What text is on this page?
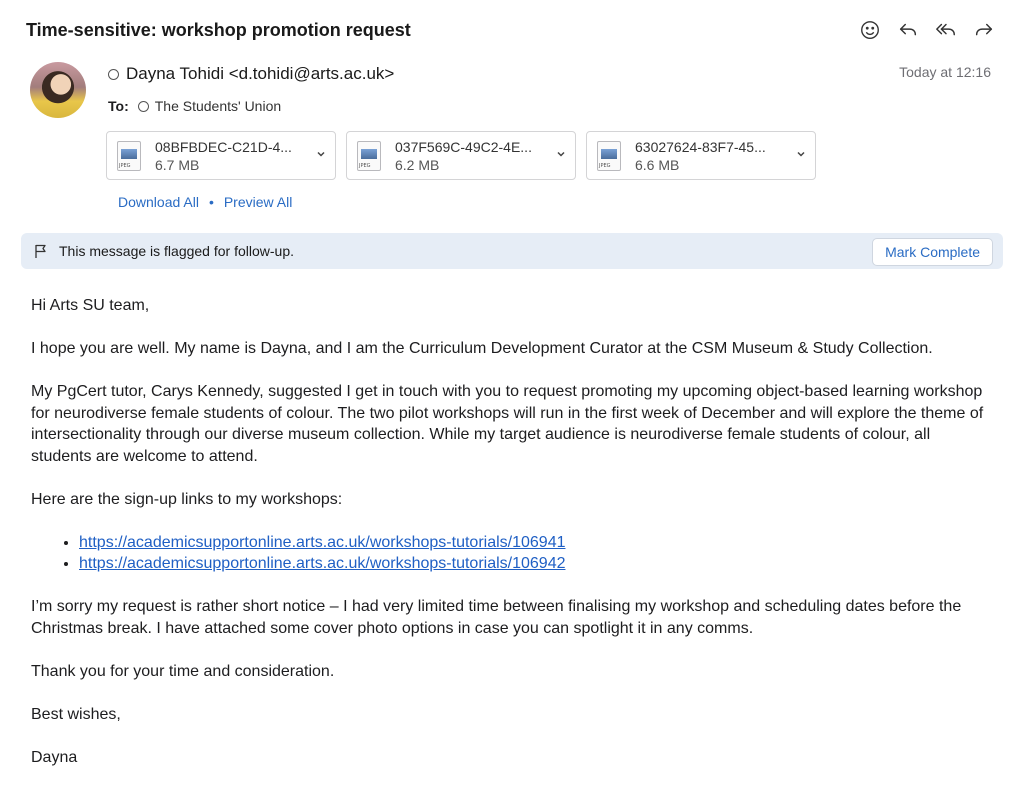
Time-sensitive: workshop promotion request
Dayna Tohidi <d.tohidi@arts.ac.uk>	Today at 12:16
To: The Students' Union
JPEG
08BFBDEC-C21D-4...
6.7 MB	JPEG
037F569C-49C2-4E...
6.2 MB	JPEG
63027624-83F7-45...
6.6 MB
Download All • Preview All
This message is flagged for follow-up.	Mark Complete

Hi Arts SU team,

I hope you are well. My name is Dayna, and I am the Curriculum Development Curator at the CSM Museum & Study Collection.

My PgCert tutor, Carys Kennedy, suggested I get in touch with you to request promoting my upcoming object-based learning workshop for neurodiverse female students of colour. The two pilot workshops will run in the first week of December and will explore the theme of intersectionality through our diverse museum collection. While my target audience is neurodiverse female students of colour, all students are welcome to attend.

Here are the sign-up links to my workshops:

• https://academicsupportonline.arts.ac.uk/workshops-tutorials/106941
• https://academicsupportonline.arts.ac.uk/workshops-tutorials/106942

I’m sorry my request is rather short notice – I had very limited time between finalising my workshop and scheduling dates before the Christmas break. I have attached some cover photo options in case you can spotlight it in any comms.

Thank you for your time and consideration.

Best wishes,

Dayna
